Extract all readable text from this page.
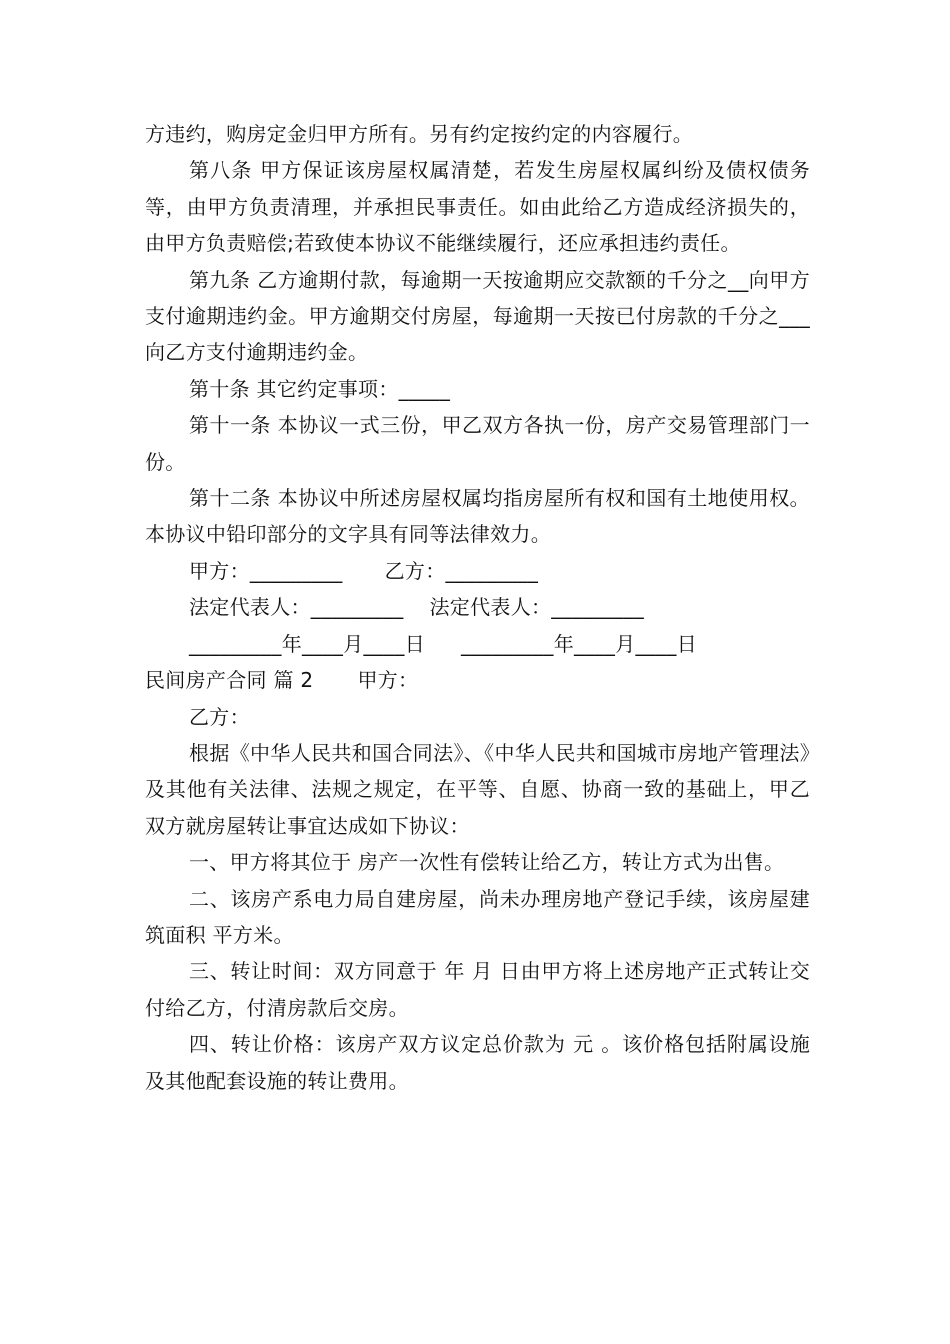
方违约，购房定金归甲方所有。另有约定按约定的内容履行。

第八条 甲方保证该房屋权属清楚，若发生房屋权属纠纷及债权债务等，由甲方负责清理，并承担民事责任。如由此给乙方造成经济损失的，由甲方负责赔偿;若致使本协议不能继续履行，还应承担违约责任。

第九条 乙方逾期付款，每逾期一天按逾期应交款额的千分之__向甲方支付逾期违约金。甲方逾期交付房屋，每逾期一天按已付房款的千分之___向乙方支付逾期违约金。

第十条 其它约定事项：_____

第十一条 本协议一式三份，甲乙双方各执一份，房产交易管理部门一份。

第十二条 本协议中所述房屋权属均指房屋所有权和国有土地使用权。本协议中铅印部分的文字具有同等法律效力。

甲方：_________ 乙方：_________
法定代表人：_________ 法定代表人：_________
_________年____月____日 _________年____月____日
民间房产合同 篇 2 甲方：
乙方：

根据《中华人民共和国合同法》、《中华人民共和国城市房地产管理法》及其他有关法律、法规之规定，在平等、自愿、协商一致的基础上，甲乙双方就房屋转让事宜达成如下协议：

一、甲方将其位于 房产一次性有偿转让给乙方，转让方式为出售。

二、该房产系电力局自建房屋，尚未办理房地产登记手续，该房屋建筑面积 平方米。

三、转让时间：双方同意于 年 月 日由甲方将上述房地产正式转让交付给乙方，付清房款后交房。

四、转让价格：该房产双方议定总价款为 元 。该价格包括附属设施及其他配套设施的转让费用。
